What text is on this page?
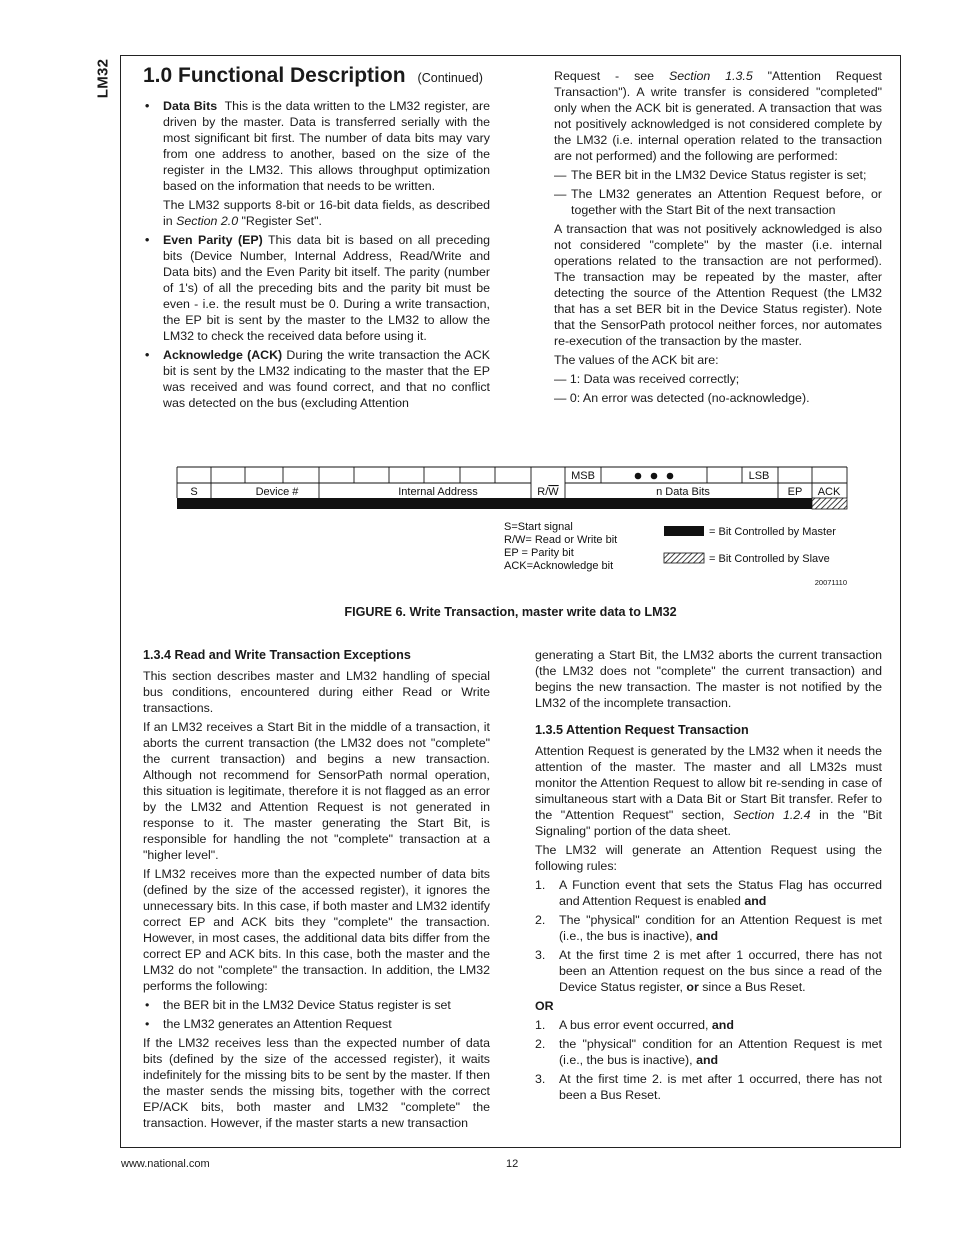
LM32 1.0 Functional Description (Continued)
• Data Bits This is the data written to the LM32 register, are driven by the master. Data is transferred serially with the most significant bit first. The number of data bits may vary from one address to another, based on the size of the register in the LM32. This allows throughput optimization based on the information that needs to be written.

The LM32 supports 8-bit or 16-bit data fields, as described in Section 2.0 "Register Set".

• Even Parity (EP) This data bit is based on all preceding bits (Device Number, Internal Address, Read/Write and Data bits) and the Even Parity bit itself. The parity (number of 1's) of all the preceding bits and the parity bit must be even - i.e. the result must be 0. During a write transaction, the EP bit is sent by the master to the LM32 to allow the LM32 to check the received data before using it.
• Acknowledge (ACK) During the write transaction the ACK bit is sent by the LM32 indicating to the master that the EP was received and was found correct, and that no conflict was detected on the bus (excluding Attention

Request - see Section 1.3.5 "Attention Request Transaction"). A write transfer is considered "completed" only when the ACK bit is generated. A transaction that was not positively acknowledged is not considered complete by the LM32 (i.e. internal operation related to the transaction are not performed) and the following are performed:

— The BER bit in the LM32 Device Status register is set;
— The LM32 generates an Attention Request before, or together with the Start Bit of the next transaction

A transaction that was not positively acknowledged is also not considered "complete" by the master (i.e. internal operations related to the transaction are not performed). The transaction may be repeated by the master, after detecting the source of the Attention Request (the LM32 that has a set BER bit in the Device Status register). Note that the SensorPath protocol neither forces, nor automates re-execution of the transaction by the master.

The values of the ACK bit are:

— 1: Data was received correctly;

— 0: An error was detected (no-acknowledge).

S	Device #	Internal Address	R/W	n Data Bits	EP ACK
MSB	LSB
S=Start signal
R/W= Read or Write bit
EP = Parity bit
ACK=Acknowledge bit
= Bit Controlled by Master
= Bit Controlled by Slave
20071110
FIGURE 6. Write Transaction, master write data to LM32
1.3.4 Read and Write Transaction Exceptions

This section describes master and LM32 handling of special bus conditions, encountered during either Read or Write transactions.

If an LM32 receives a Start Bit in the middle of a transaction, it aborts the current transaction (the LM32 does not "complete" the current transaction) and begins a new transaction. Although not recommend for SensorPath normal operation, this situation is legitimate, therefore it is not flagged as an error by the LM32 and Attention Request is not generated in response to it. The master generating the Start Bit, is responsible for handling the not "complete" transaction at a "higher level".

If LM32 receives more than the expected number of data bits (defined by the size of the accessed register), it ignores the unnecessary bits. In this case, if both master and LM32 identify correct EP and ACK bits they "complete" the transaction. However, in most cases, the additional data bits differ from the correct EP and ACK bits. In this case, both the master and the LM32 do not "complete" the transaction. In addition, the LM32 performs the following:

• the BER bit in the LM32 Device Status register is set
• the LM32 generates an Attention Request

If the LM32 receives less than the expected number of data bits (defined by the size of the accessed register), it waits indefinitely for the missing bits to be sent by the master. If then the master sends the missing bits, together with the correct EP/ACK bits, both master and LM32 "complete" the transaction. However, if the master starts a new transaction

generating a Start Bit, the LM32 aborts the current transaction (the LM32 does not "complete" the current transaction) and begins the new transaction. The master is not notified by the LM32 of the incomplete transaction.

1.3.5 Attention Request Transaction

Attention Request is generated by the LM32 when it needs the attention of the master. The master and all LM32s must monitor the Attention Request to allow bit re-sending in case of simultaneous start with a Data Bit or Start Bit transfer. Refer to the "Attention Request" section, Section 1.2.4 in the "Bit Signaling" portion of the data sheet.

The LM32 will generate an Attention Request using the following rules:

1. A Function event that sets the Status Flag has occurred and Attention Request is enabled and
2. The "physical" condition for an Attention Request is met (i.e., the bus is inactive), and
3. At the first time 2 is met after 1 occurred, there has not been an Attention request on the bus since a read of the Device Status register, or since a Bus Reset.
OR
1. A bus error event occurred, and
2. the "physical" condition for an Attention Request is met (i.e., the bus is inactive), and
3. At the first time 2. is met after 1 occurred, there has not been a Bus Reset.
www.national.com	12
